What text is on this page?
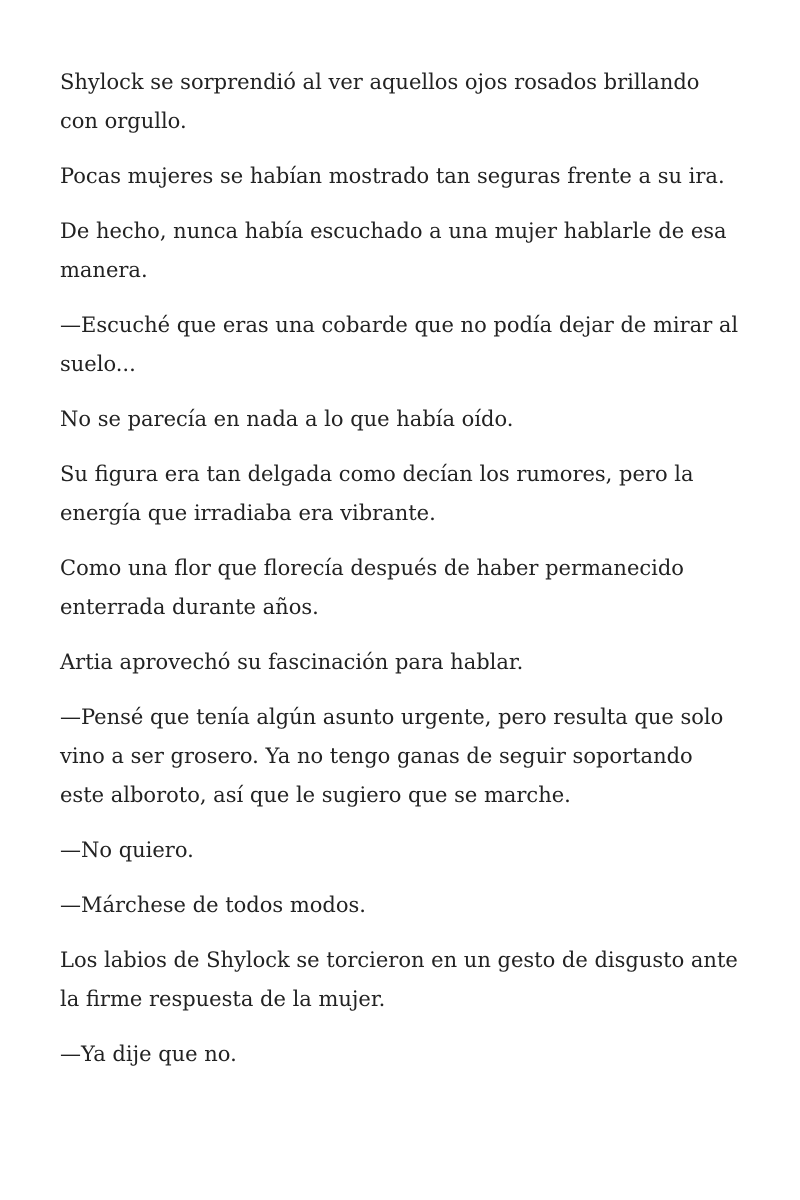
Shylock se sorprendió al ver aquellos ojos rosados brillando con orgullo.

Pocas mujeres se habían mostrado tan seguras frente a su ira.

De hecho, nunca había escuchado a una mujer hablarle de esa manera.

—Escuché que eras una cobarde que no podía dejar de mirar al suelo...

No se parecía en nada a lo que había oído.

Su figura era tan delgada como decían los rumores, pero la energía que irradiaba era vibrante.

Como una flor que florecía después de haber permanecido enterrada durante años.

Artia aprovechó su fascinación para hablar.

—Pensé que tenía algún asunto urgente, pero resulta que solo vino a ser grosero. Ya no tengo ganas de seguir soportando este alboroto, así que le sugiero que se marche.

—No quiero.

—Márchese de todos modos.

Los labios de Shylock se torcieron en un gesto de disgusto ante la firme respuesta de la mujer.

—Ya dije que no.
